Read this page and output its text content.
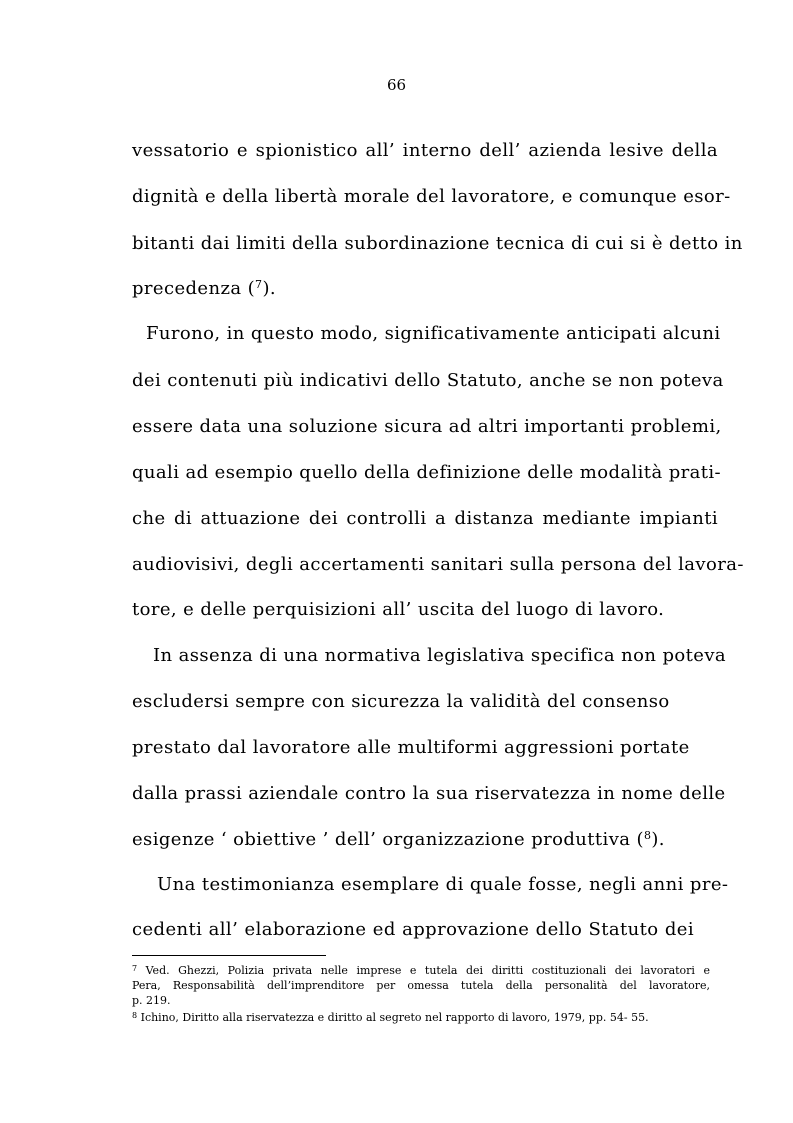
66
vessatorio e spionistico all’ interno dell’ azienda lesive della
dignità e della libertà morale del lavoratore, e comunque esor-
bitanti dai limiti della subordinazione tecnica di cui si è detto in
precedenza ($^7$).
Furono, in questo modo, significativamente anticipati alcuni
dei contenuti più indicativi dello Statuto, anche se non poteva
essere data una soluzione sicura ad altri importanti problemi,
quali ad esempio quello della definizione delle modalità prati-
che di attuazione dei controlli a distanza mediante impianti
audiovisivi, degli accertamenti sanitari sulla persona del lavora-
tore, e delle perquisizioni all’ uscita del luogo di lavoro.
In assenza di una normativa legislativa specifica non poteva
escludersi sempre con sicurezza la validità del consenso
prestato dal lavoratore alle multiformi aggressioni portate
dalla prassi aziendale contro la sua riservatezza in nome delle
esigenze ‘ obiettive ’ dell’ organizzazione produttiva ($^8$).
Una testimonianza esemplare di quale fosse, negli anni pre-
cedenti all’ elaborazione ed approvazione dello Statuto dei
$^7$ Ved. Ghezzi, Polizia privata nelle imprese e tutela dei diritti costituzionali dei lavoratori e
Pera, Responsabilità dell’imprenditore per omessa tutela della personalità del lavoratore,
p. 219.
$^8$ Ichino, Diritto alla riservatezza e diritto al segreto nel rapporto di lavoro, 1979, pp. 54- 55.
